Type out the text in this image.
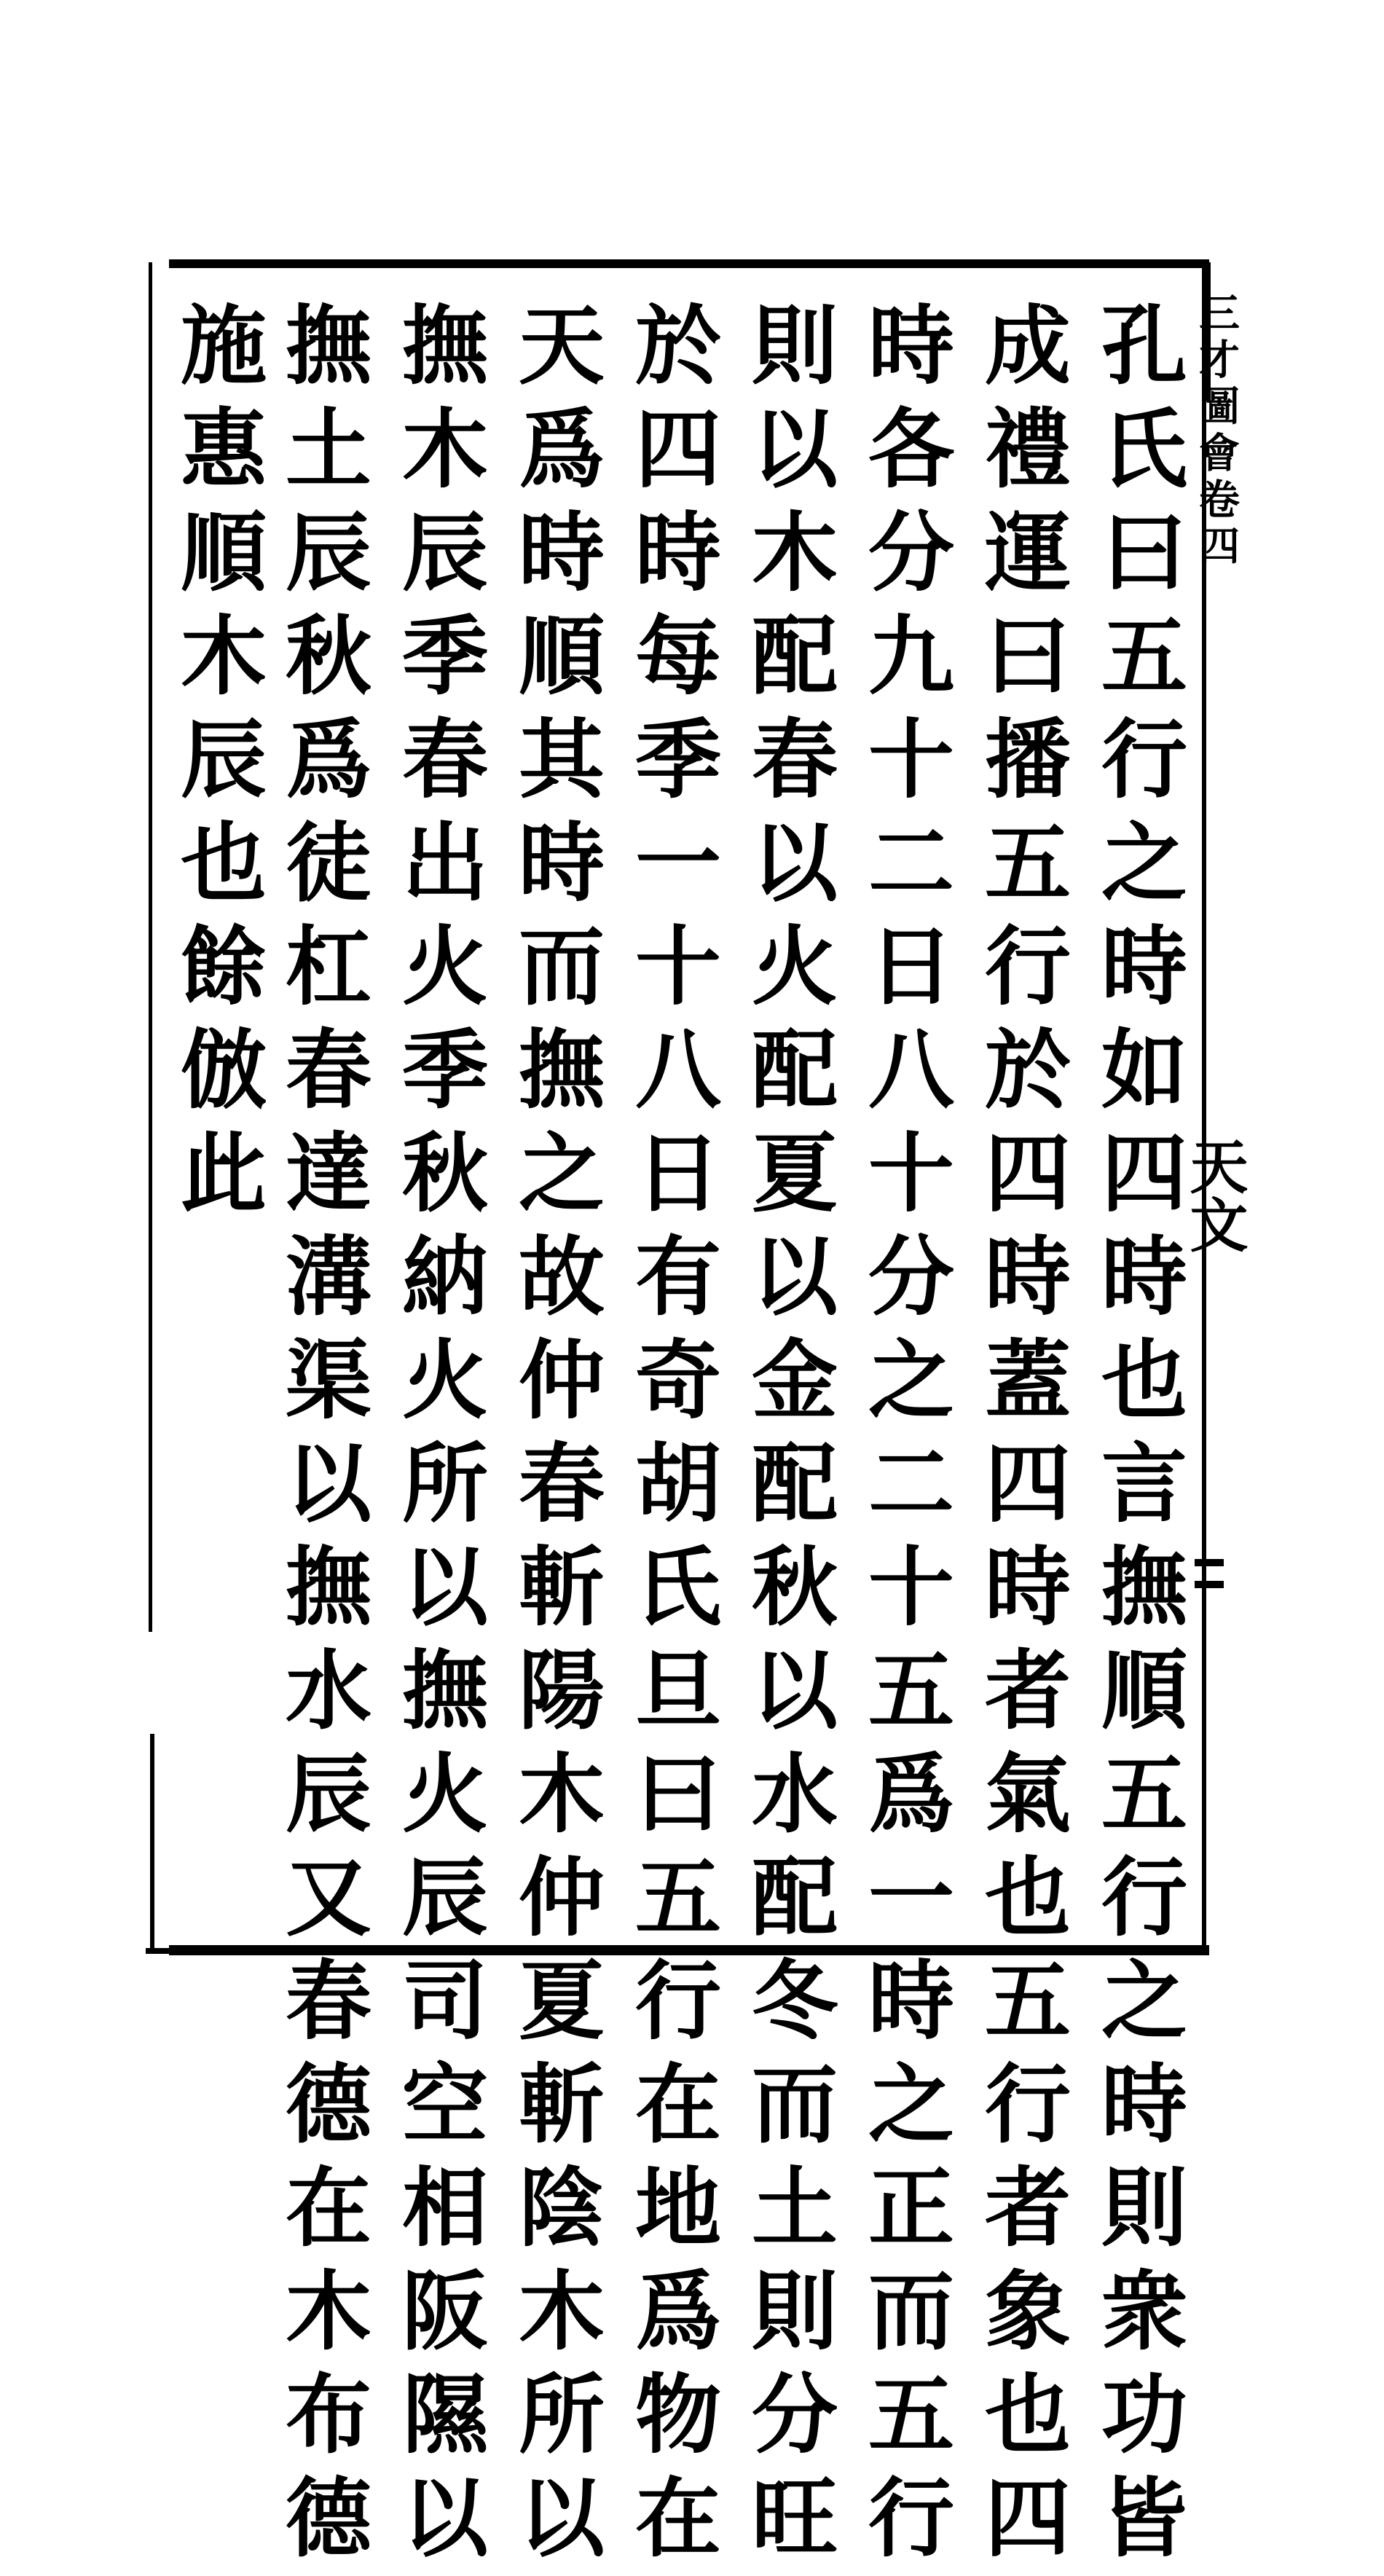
三才圖會卷四
天文
孔氏曰五行之時如四時也言撫順五行之時則衆功皆
成禮運曰播五行於四時蓋四時者氣也五行者象也四
時各分九十二日八十分之二十五爲一時之正而五行
則以木配春以火配夏以金配秋以水配冬而土則分旺
於四時每季一十八日有奇胡氏旦曰五行在地爲物在
天爲時順其時而撫之故仲春斬陽木仲夏斬陰木所以
撫木辰季春出火季秋納火所以撫火辰司空相阪隰以
撫土辰秋爲徒杠春達溝渠以撫水辰又春德在木布德
施惠順木辰也餘倣此
